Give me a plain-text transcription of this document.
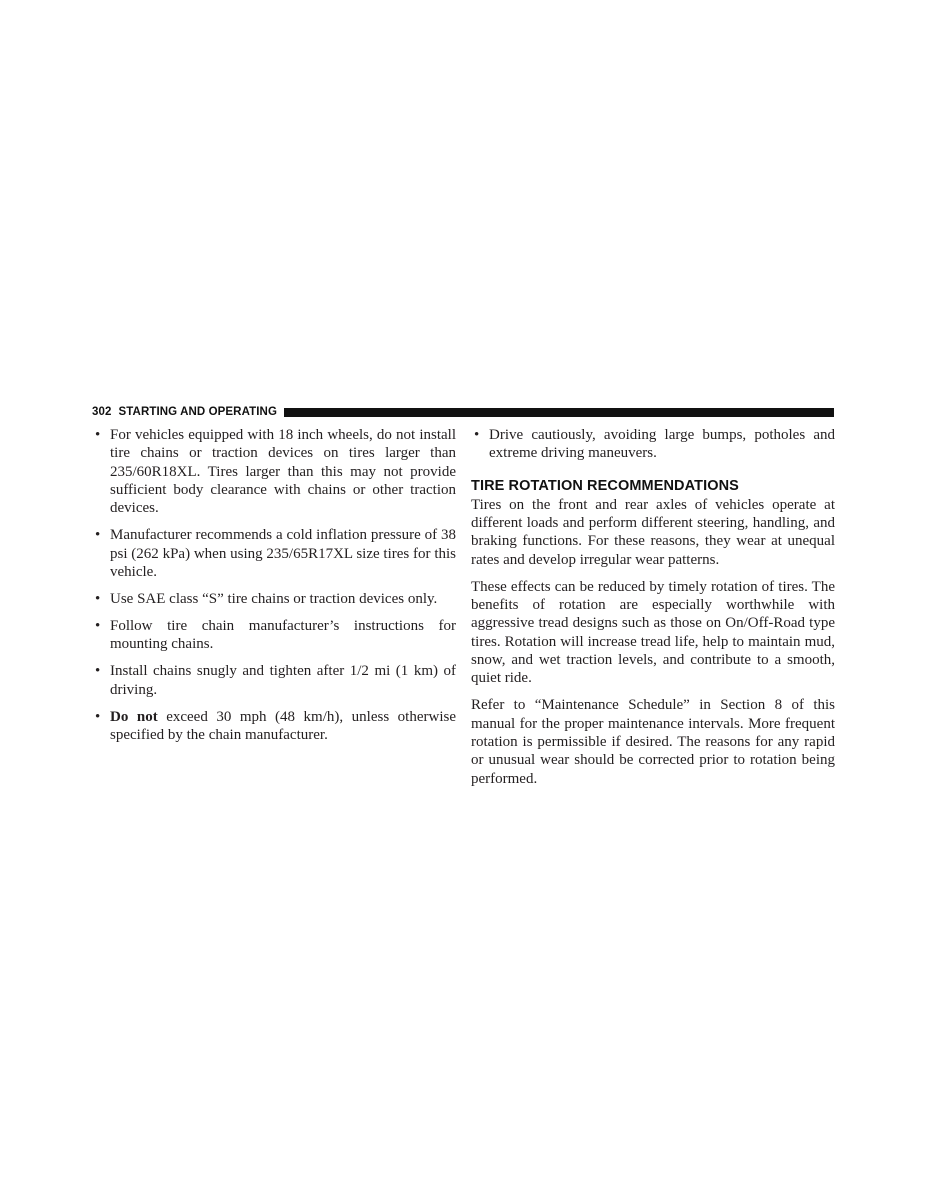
302 STARTING AND OPERATING
• For vehicles equipped with 18 inch wheels, do not install tire chains or traction devices on tires larger than 235/60R18XL. Tires larger than this may not provide sufficient body clearance with chains or other traction devices.
• Manufacturer recommends a cold inflation pressure of 38 psi (262 kPa) when using 235/65R17XL size tires for this vehicle.
• Use SAE class “S” tire chains or traction devices only.
• Follow tire chain manufacturer’s instructions for mounting chains.
• Install chains snugly and tighten after 1/2 mi (1 km) of driving.
• Do not exceed 30 mph (48 km/h), unless otherwise specified by the chain manufacturer.
• Drive cautiously, avoiding large bumps, potholes and extreme driving maneuvers.
TIRE ROTATION RECOMMENDATIONS

Tires on the front and rear axles of vehicles operate at different loads and perform different steering, handling, and braking functions. For these reasons, they wear at unequal rates and develop irregular wear patterns.

These effects can be reduced by timely rotation of tires. The benefits of rotation are especially worthwhile with aggressive tread designs such as those on On/Off-Road type tires. Rotation will increase tread life, help to maintain mud, snow, and wet traction levels, and contribute to a smooth, quiet ride.

Refer to “Maintenance Schedule” in Section 8 of this manual for the proper maintenance intervals. More frequent rotation is permissible if desired. The reasons for any rapid or unusual wear should be corrected prior to rotation being performed.
